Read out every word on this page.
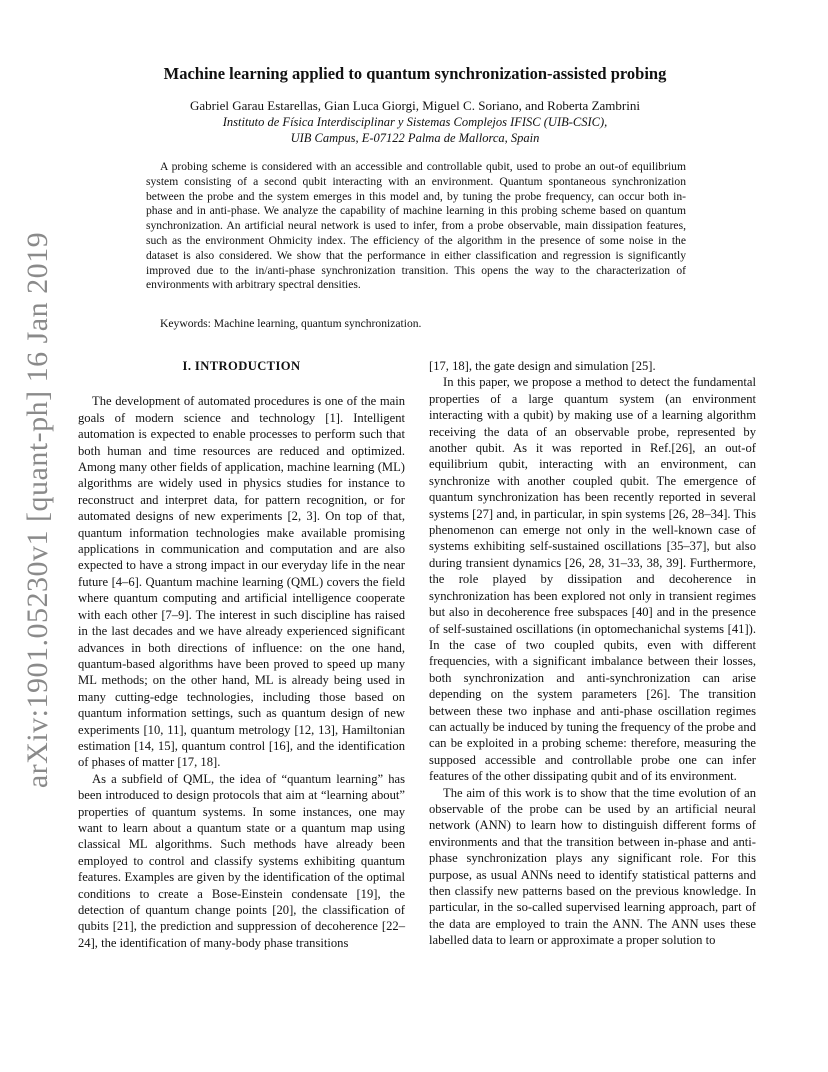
arXiv:1901.05230v1 [quant-ph] 16 Jan 2019
Machine learning applied to quantum synchronization-assisted probing
Gabriel Garau Estarellas, Gian Luca Giorgi, Miguel C. Soriano, and Roberta Zambrini
Instituto de Física Interdisciplinar y Sistemas Complejos IFISC (UIB-CSIC),
UIB Campus, E-07122 Palma de Mallorca, Spain
A probing scheme is considered with an accessible and controllable qubit, used to probe an out-of equilibrium system consisting of a second qubit interacting with an environment. Quantum spontaneous synchronization between the probe and the system emerges in this model and, by tuning the probe frequency, can occur both in-phase and in anti-phase. We analyze the capability of machine learning in this probing scheme based on quantum synchronization. An artificial neural network is used to infer, from a probe observable, main dissipation features, such as the environment Ohmicity index. The efficiency of the algorithm in the presence of some noise in the dataset is also considered. We show that the performance in either classification and regression is significantly improved due to the in/anti-phase synchronization transition. This opens the way to the characterization of environments with arbitrary spectral densities.
Keywords: Machine learning, quantum synchronization.
I. INTRODUCTION

The development of automated procedures is one of the main goals of modern science and technology [1]. Intelligent automation is expected to enable processes to perform such that both human and time resources are reduced and optimized. Among many other fields of application, machine learning (ML) algorithms are widely used in physics studies for instance to reconstruct and interpret data, for pattern recognition, or for automated designs of new experiments [2, 3]. On top of that, quantum information technologies make available promising applications in communication and computation and are also expected to have a strong impact in our everyday life in the near future [4–6]. Quantum machine learning (QML) covers the field where quantum computing and artificial intelligence cooperate with each other [7–9]. The interest in such discipline has raised in the last decades and we have already experienced significant advances in both directions of influence: on the one hand, quantum-based algorithms have been proved to speed up many ML methods; on the other hand, ML is already being used in many cutting-edge technologies, including those based on quantum information settings, such as quantum design of new experiments [10, 11], quantum metrology [12, 13], Hamiltonian estimation [14, 15], quantum control [16], and the identification of phases of matter [17, 18].

As a subfield of QML, the idea of “quantum learning” has been introduced to design protocols that aim at “learning about” properties of quantum systems. In some instances, one may want to learn about a quantum state or a quantum map using classical ML algorithms. Such methods have already been employed to control and classify systems exhibiting quantum features. Examples are given by the identification of the optimal conditions to create a Bose-Einstein condensate [19], the detection of quantum change points [20], the classification of qubits [21], the prediction and suppression of decoherence [22–24], the identification of many-body phase transitions

[17, 18], the gate design and simulation [25].

In this paper, we propose a method to detect the fundamental properties of a large quantum system (an environment interacting with a qubit) by making use of a learning algorithm receiving the data of an observable probe, represented by another qubit. As it was reported in Ref.[26], an out-of equilibrium qubit, interacting with an environment, can synchronize with another coupled qubit. The emergence of quantum synchronization has been recently reported in several systems [27] and, in particular, in spin systems [26, 28–34]. This phenomenon can emerge not only in the well-known case of systems exhibiting self-sustained oscillations [35–37], but also during transient dynamics [26, 28, 31–33, 38, 39]. Furthermore, the role played by dissipation and decoherence in synchronization has been explored not only in transient regimes but also in decoherence free subspaces [40] and in the presence of self-sustained oscillations (in optomechanichal systems [41]). In the case of two coupled qubits, even with different frequencies, with a significant imbalance between their losses, both synchronization and anti-synchronization can arise depending on the system parameters [26]. The transition between these two inphase and anti-phase oscillation regimes can actually be induced by tuning the frequency of the probe and can be exploited in a probing scheme: therefore, measuring the supposed accessible and controllable probe one can infer features of the other dissipating qubit and of its environment.

The aim of this work is to show that the time evolution of an observable of the probe can be used by an artificial neural network (ANN) to learn how to distinguish different forms of environments and that the transition between in-phase and anti-phase synchronization plays any significant role. For this purpose, as usual ANNs need to identify statistical patterns and then classify new patterns based on the previous knowledge. In particular, in the so-called supervised learning approach, part of the data are employed to train the ANN. The ANN uses these labelled data to learn or approximate a proper solution to
